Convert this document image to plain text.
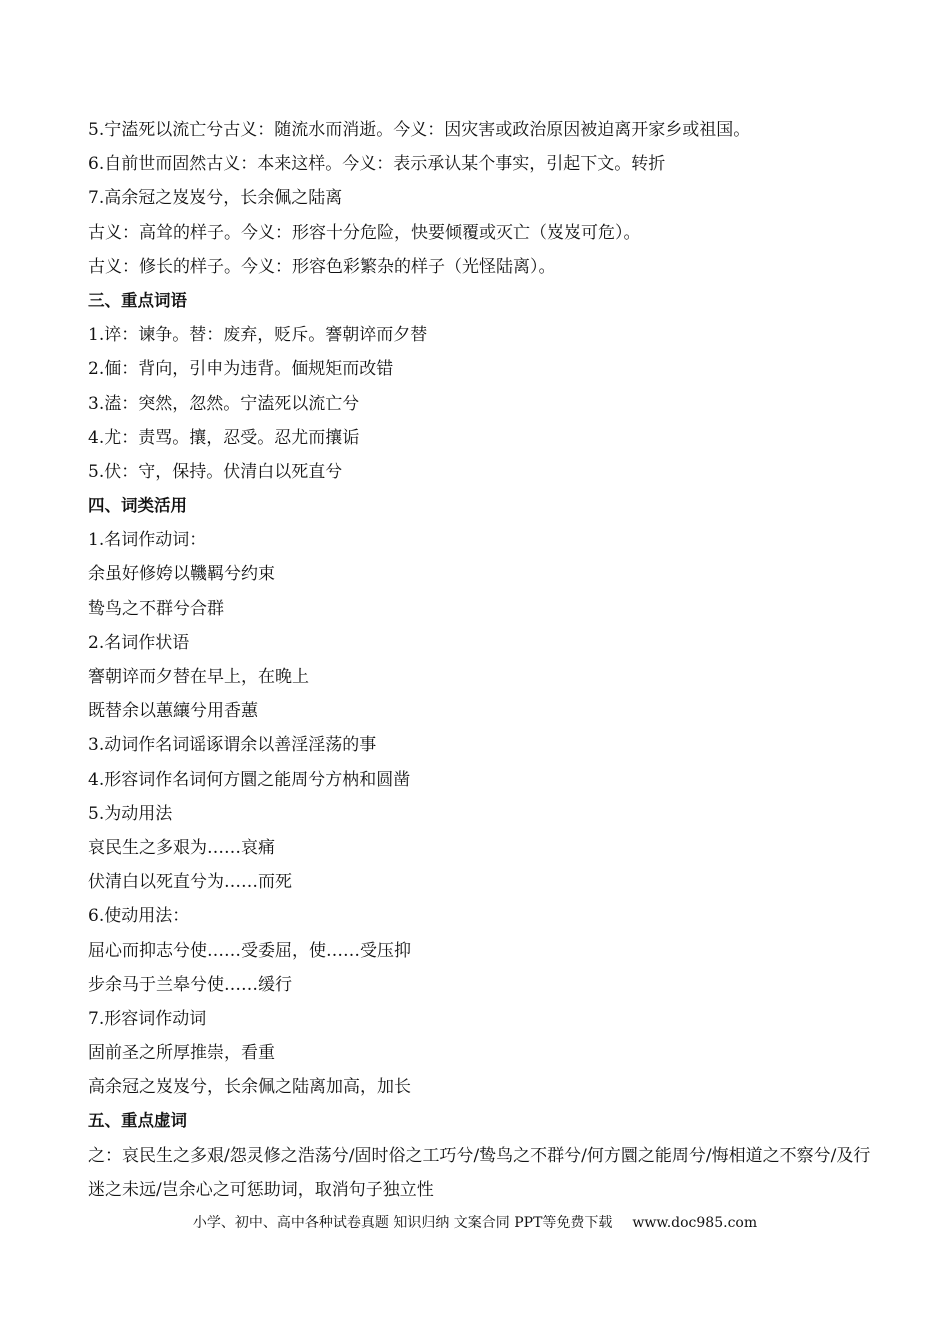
5.宁溘死以流亡兮古义：随流水而消逝。今义：因灾害或政治原因被迫离开家乡或祖国。
6.自前世而固然古义：本来这样。今义：表示承认某个事实，引起下文。转折
7.高余冠之岌岌兮，长余佩之陆离
古义：高耸的样子。今义：形容十分危险，快要倾覆或灭亡（岌岌可危）。
古义：修长的样子。今义：形容色彩繁杂的样子（光怪陆离）。
三、重点词语
1.谇：谏争。替：废弃，贬斥。謇朝谇而夕替
2.偭：背向，引申为违背。偭规矩而改错
3.溘：突然，忽然。宁溘死以流亡兮
4.尤：责骂。攘，忍受。忍尤而攘诟
5.伏：守，保持。伏清白以死直兮
四、词类活用
1.名词作动词：
余虽好修姱以鞿羁兮约束
鸷鸟之不群兮合群
2.名词作状语
謇朝谇而夕替在早上，在晚上
既替余以蕙纕兮用香蕙
3.动词作名词谣诼谓余以善淫淫荡的事
4.形容词作名词何方圜之能周兮方枘和圆凿
5.为动用法
哀民生之多艰为……哀痛
伏清白以死直兮为……而死
6.使动用法：
屈心而抑志兮使……受委屈，使……受压抑
步余马于兰皋兮使……缓行
7.形容词作动词
固前圣之所厚推崇，看重
高余冠之岌岌兮，长余佩之陆离加高，加长
五、重点虚词
之：哀民生之多艰/怨灵修之浩荡兮/固时俗之工巧兮/鸷鸟之不群兮/何方圜之能周兮/悔相道之不察兮/及行迷之未远/岂余心之可惩助词，取消句子独立性
小学、初中、高中各种试卷真题 知识归纳 文案合同 PPT等免费下载 www.doc985.com
